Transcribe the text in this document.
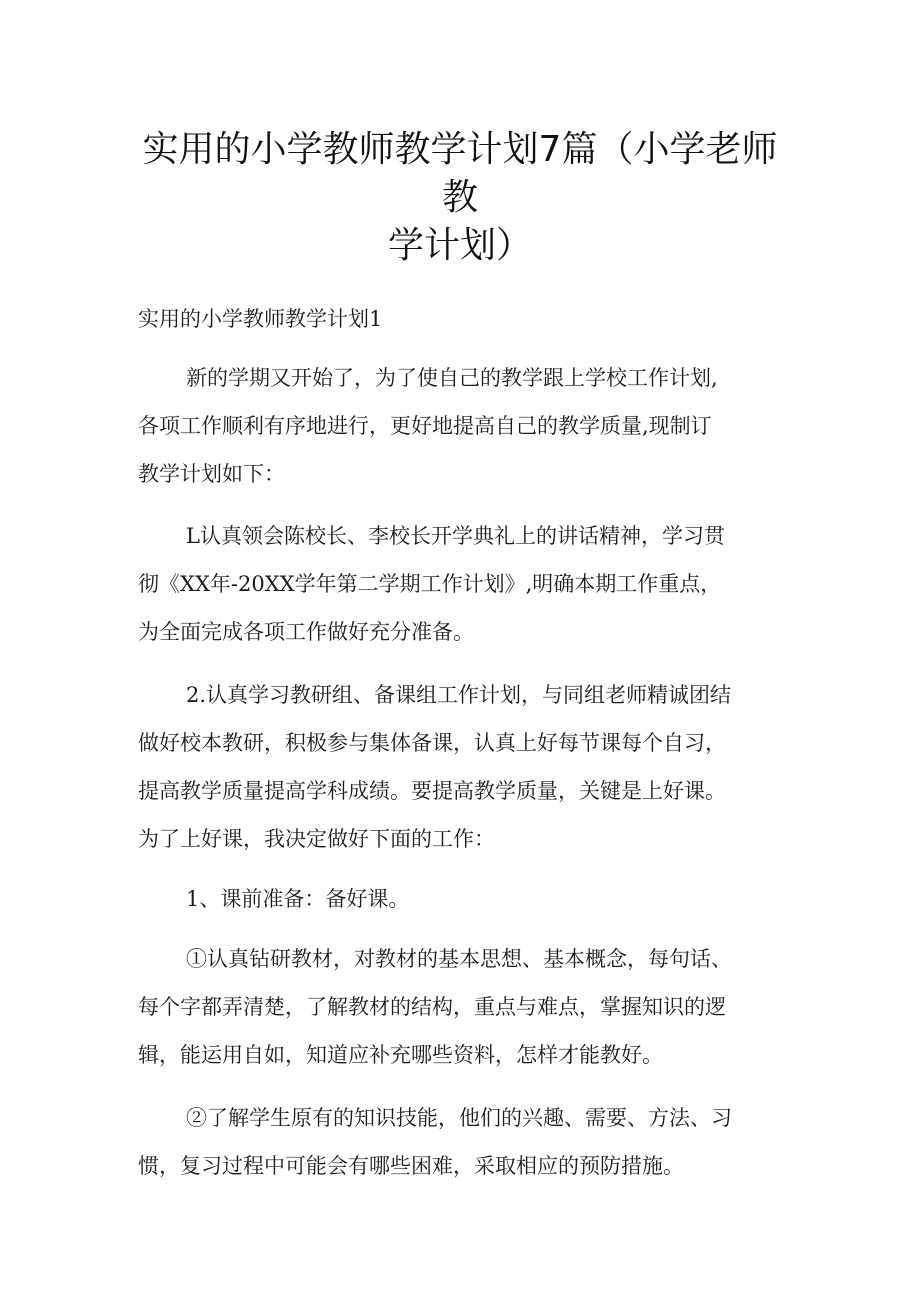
实用的小学教师教学计划7篇（小学老师
教
学计划）
实用的小学教师教学计划1
新的学期又开始了，为了使自己的教学跟上学校工作计划,
各项工作顺利有序地进行，更好地提高自己的教学质量,现制订
教学计划如下：
L认真领会陈校长、李校长开学典礼上的讲话精神，学习贯
彻《XX年-20XX学年第二学期工作计划》,明确本期工作重点，
为全面完成各项工作做好充分准备。
2.认真学习教研组、备课组工作计划，与同组老师精诚团结
做好校本教研，积极参与集体备课，认真上好每节课每个自习，
提高教学质量提高学科成绩。要提高教学质量，关键是上好课。
为了上好课，我决定做好下面的工作：
1、课前准备：备好课。
①认真钻研教材，对教材的基本思想、基本概念，每句话、
每个字都弄清楚，了解教材的结构，重点与难点，掌握知识的逻
辑，能运用自如，知道应补充哪些资料，怎样才能教好。
②了解学生原有的知识技能，他们的兴趣、需要、方法、习
惯，复习过程中可能会有哪些困难，采取相应的预防措施。
